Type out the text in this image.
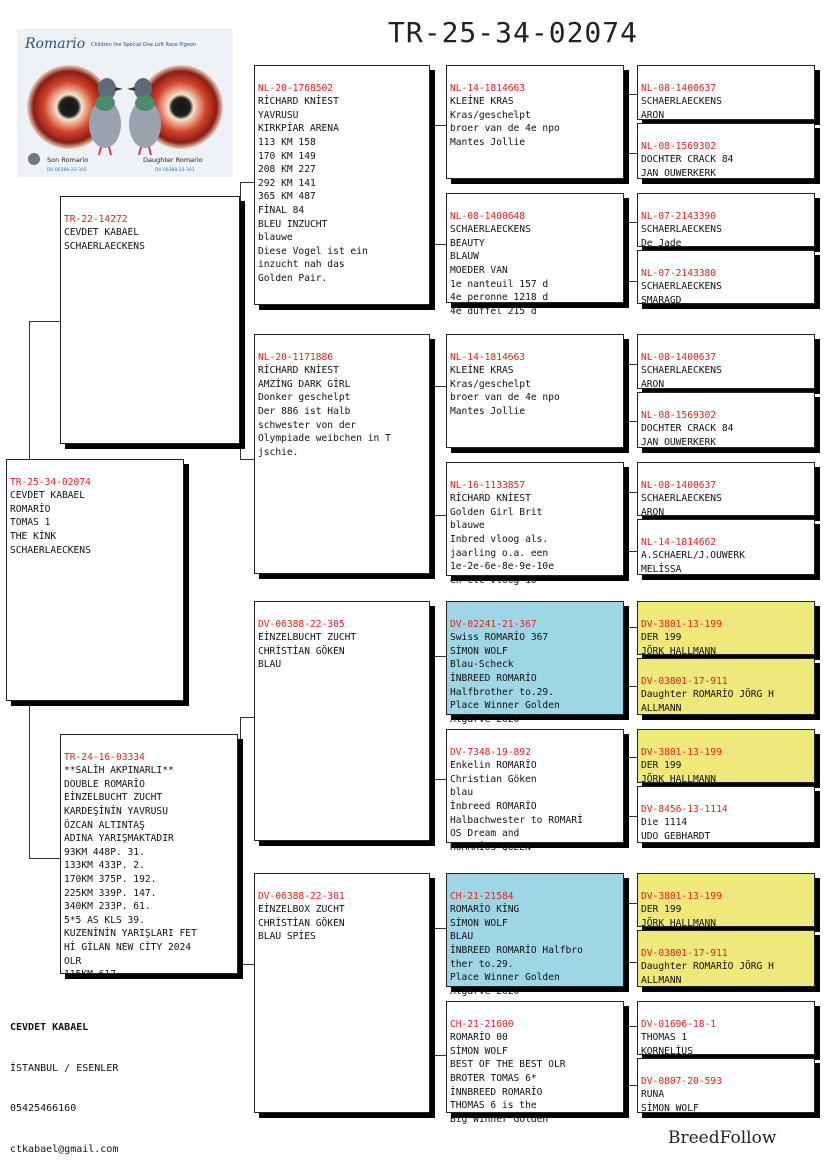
TR-25-34-02074
Romario Children the Special One Loft Race Pigeon
Son Romario
DV 06388-22-305
Daughter Romario
DV 06388-22-301

TR-25-34-02074
CEVDET KABAEL
ROMARİO
TOMAS 1
THE KİNK
SCHAERLAECKENS

TR-22-14272
CEVDET KABAEL
SCHAERLAECKENS

TR-24-16-03334
**SALİH AKPINARLI**
DOUBLE ROMARİO
EİNZELBUCHT ZUCHT
KARDEŞİNİN YAVRUSU
ÖZCAN ALTINTAŞ
ADINA YARIŞMAKTADIR
93KM 448P. 31.
133KM 433P. 2.
170KM 375P. 192.
225KM 339P. 147.
340KM 233P. 61.
5*5 AS KLS 39.
KUZENİNİN YARIŞLARI FET
Hİ GİLAN NEW CİTY 2024
OLR
115KM 617.

NL-20-1768502
RİCHARD KNİEST
YAVRUSU
KIRKPİAR ARENA
113 KM 158
170 KM 149
208 KM 227
292 KM 141
365 KM 487
FİNAL 84
BLEU INZUCHT
blauwe
Diese Vogel ist ein
inzucht nah das
Golden Pair.

NL-20-1171886
RİCHARD KNİEST
AMZİNG DARK GİRL
Donker geschelpt
Der 886 ist Halb
schwester von der
Olympiade weibchen in T
jschie.

DV-06388-22-305
EİNZELBUCHT ZUCHT
CHRİSTİAN GÖKEN
BLAU

DV-06388-22-301
EİNZELBOX ZUCHT
CHRİSTİAN GÖKEN
BLAU SPİES

NL-14-1814663
KLEİNE KRAS
Kras/geschelpt
broer van de 4e npo
Mantes Jollie

NL-08-1400648
SCHAERLAECKENS
BEAUTY
BLAUW
MOEDER VAN
1e nanteuil 157 d
4e peronne 1218 d
4e duffel 215 d

NL-14-1814663
KLEİNE KRAS
Kras/geschelpt
broer van de 4e npo
Mantes Jollie

NL-16-1133857
RİCHARD KNİEST
Golden Girl Brit
blauwe
Inbred vloog als.
jaarling o.a. een
1e-2e-6e-8e-9e-10e
en etc vloog 10

DV-02241-21-367
Swiss ROMARİO 367
SİMON WOLF
Blau-Scheck
İNBREED ROMARİO
Halfbrother to.29.
Place Winner Golden
Algarve 2020

DV-7348-19-892
Enkelin ROMARİO
Christian Göken
blau
İnbreed ROMARİO
Halbachwester to ROMARİ
OS Dream and
ROMARİOS QUEEN

CH-21-21584
ROMARİO KİNG
SİMON WOLF
BLAU
İNBREED ROMARİO Halfbro
ther to.29.
Place Winner Golden
Algarve 2020

CH-21-21600
ROMARİO 00
SİMON WOLF
BEST OF THE BEST OLR
BROTER TOMAS 6*
İNNBREED ROMARİO
THOMAS 6 is the
Big Winner Golden

NL-08-1400637
SCHAERLAECKENS
ARON

NL-08-1569302
DOCHTER CRACK 84
JAN OUWERKERK

NL-07-2143390
SCHAERLAECKENS
De Jade

NL-07-2143380
SCHAERLAECKENS
SMARAGD

NL-08-1400637
SCHAERLAECKENS
ARON

NL-08-1569302
DOCHTER CRACK 84
JAN OUWERKERK

NL-08-1400637
SCHAERLAECKENS
ARON

NL-14-1814662
A.SCHAERL/J.OUWERK
MELİSSA

DV-3801-13-199
DER 199
JÖRK HALLMANN

DV-03801-17-911
Daughter ROMARİO JÖRG H
ALLMANN

DV-3801-13-199
DER 199
JÖRK HALLMANN

DV-8456-13-1114
Die 1114
UDO GEBHARDT

DV-3801-13-199
DER 199
JÖRK HALLMANN

DV-03801-17-911
Daughter ROMARİO JÖRG H
ALLMANN

DV-01696-18-1
THOMAS 1
KORNELİUS

DV-0807-20-593
RUNA
SİMON WOLF

CEVDET KABAEL

İSTANBUL / ESENLER

05425466160

ctkabael@gmail.com

BreedFollow
